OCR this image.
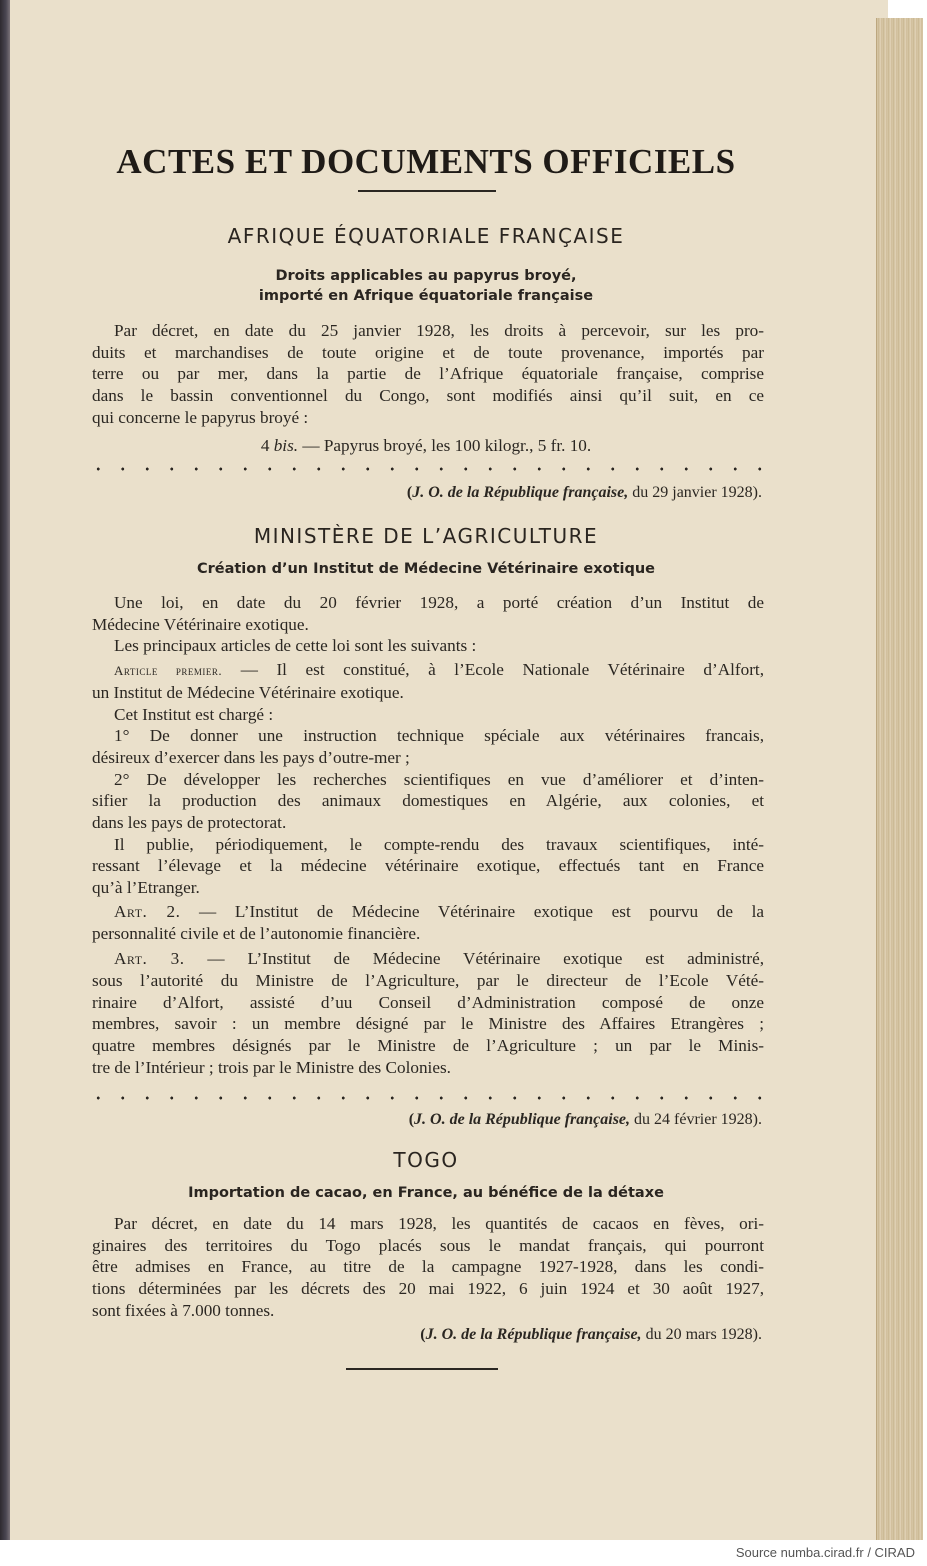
Source numba.cirad.fr / CIRAD
ACTES ET DOCUMENTS OFFICIELS
AFRIQUE ÉQUATORIALE FRANÇAISE
Droits applicables au papyrus broyé,
importé en Afrique équatoriale française
Par décret, en date du 25 janvier 1928, les droits à percevoir, sur les pro-
duits et marchandises de toute origine et de toute provenance, importés par
terre ou par mer, dans la partie de l’Afrique équatoriale française, comprise
dans le bassin conventionnel du Congo, sont modifiés ainsi qu’il suit, en ce
qui concerne le papyrus broyé :
4 bis. — Papyrus broyé, les 100 kilogr., 5 fr. 10.
(J. O. de la République française, du 29 janvier 1928).
MINISTÈRE DE L’AGRICULTURE
Création d’un Institut de Médecine Vétérinaire exotique
Une loi, en date du 20 février 1928, a porté création d’un Institut de
Médecine Vétérinaire exotique.
Les principaux articles de cette loi sont les suivants :
Article premier. — Il est constitué, à l’Ecole Nationale Vétérinaire d’Alfort,
un Institut de Médecine Vétérinaire exotique.
Cet Institut est chargé :
1° De donner une instruction technique spéciale aux vétérinaires francais,
désireux d’exercer dans les pays d’outre-mer ;
2° De développer les recherches scientifiques en vue d’améliorer et d’inten-
sifier la production des animaux domestiques en Algérie, aux colonies, et
dans les pays de protectorat.
Il publie, périodiquement, le compte-rendu des travaux scientifiques, inté-
ressant l’élevage et la médecine vétérinaire exotique, effectués tant en France
qu’à l’Etranger.
Art. 2. — L’Institut de Médecine Vétérinaire exotique est pourvu de la
personnalité civile et de l’autonomie financière.
Art. 3. — L’Institut de Médecine Vétérinaire exotique est administré,
sous l’autorité du Ministre de l’Agriculture, par le directeur de l’Ecole Vété-
rinaire d’Alfort, assisté d’uu Conseil d’Administration composé de onze
membres, savoir : un membre désigné par le Ministre des Affaires Etrangères ;
quatre membres désignés par le Ministre de l’Agriculture ; un par le Minis-
tre de l’Intérieur ; trois par le Ministre des Colonies.
(J. O. de la République française, du 24 février 1928).
TOGO
Importation de cacao, en France, au bénéfice de la détaxe
Par décret, en date du 14 mars 1928, les quantités de cacaos en fèves, ori-
ginaires des territoires du Togo placés sous le mandat français, qui pourront
être admises en France, au titre de la campagne 1927-1928, dans les condi-
tions déterminées par les décrets des 20 mai 1922, 6 juin 1924 et 30 août 1927,
sont fixées à 7.000 tonnes.
(J. O. de la République française, du 20 mars 1928).
